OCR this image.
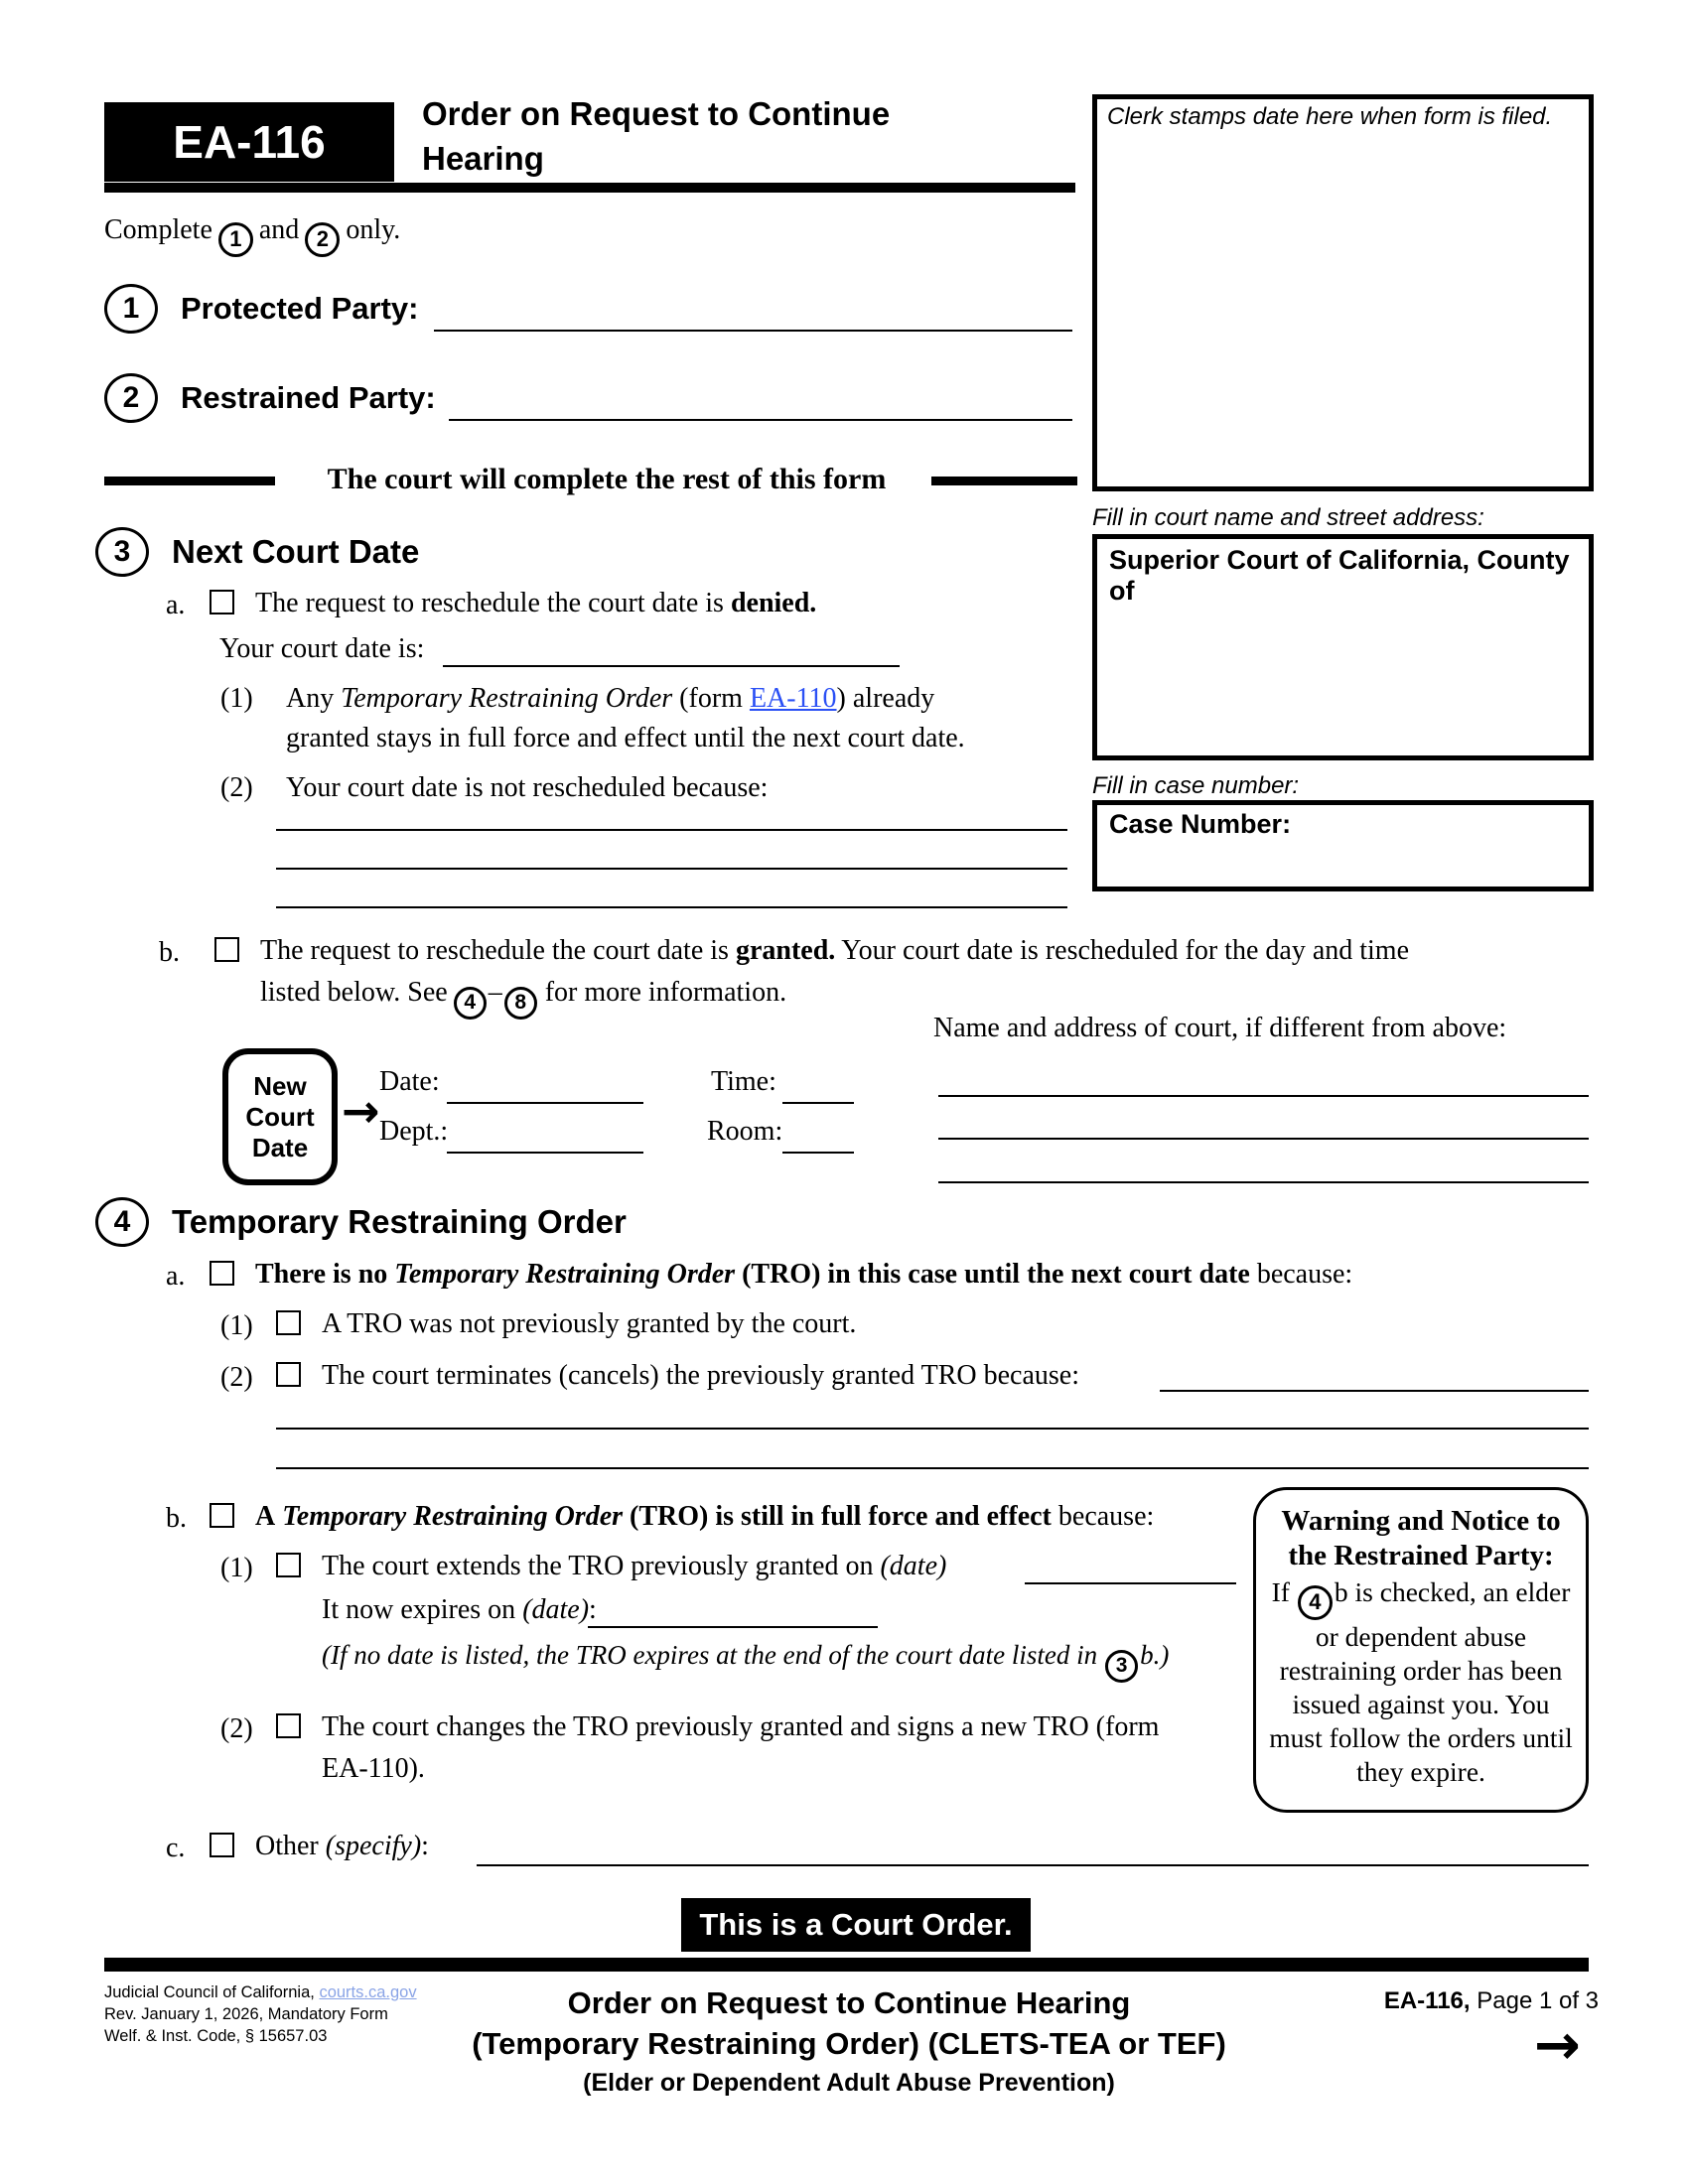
EA-116
Order on Request to Continue
Hearing
Clerk stamps date here when form is filed.
Fill in court name and street address:
Superior Court of California, County of
Fill in case number:
Case Number:
Complete 1 and 2 only.
1	Protected Party:
2	Restrained Party:
The court will complete the rest of this form
3	Next Court Date
a.	The request to reschedule the court date is denied.
Your court date is:
(1) Any Temporary Restraining Order (form EA-110) already
granted stays in full force and effect until the next court date.
(2) Your court date is not rescheduled because:
b.	The request to reschedule the court date is granted. Your court date is rescheduled for the day and time
listed below. See 4 – 8 for more information.
Name and address of court, if different from above:
New
Court
Date
→
Date:	Time:
Dept.:	Room:
4	Temporary Restraining Order
a.	There is no Temporary Restraining Order (TRO) in this case until the next court date because:
(1) A TRO was not previously granted by the court.
(2) The court terminates (cancels) the previously granted TRO because:
b. A Temporary Restraining Order (TRO) is still in full force and effect because:
(1) The court extends the TRO previously granted on (date)
It now expires on (date):
(If no date is listed, the TRO expires at the end of the court date listed in 3 b.)
(2) The court changes the TRO previously granted and signs a new TRO (form
EA-110).
c.	Other (specify):
Warning and Notice to
the Restrained Party:
If 4 b is checked, an elder or dependent abuse restraining order has been issued against you. You must follow the orders until they expire.
This is a Court Order.
Judicial Council of California, courts.ca.gov
Rev. January 1, 2026, Mandatory Form
Welf. & Inst. Code, § 15657.03
Order on Request to Continue Hearing
(Temporary Restraining Order) (CLETS-TEA or TEF)
(Elder or Dependent Adult Abuse Prevention)
EA-116, Page 1 of 3
→
